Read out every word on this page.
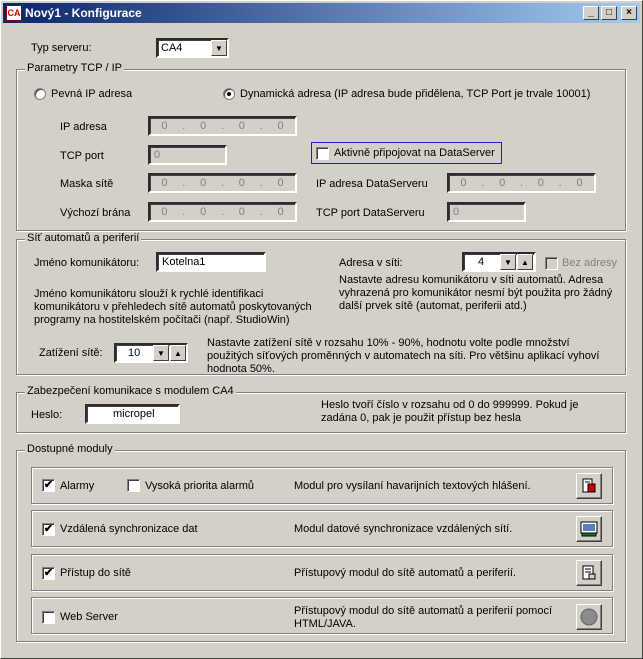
CA Nový1 - Konfigurace	_	□	×
Typ serveru:	CA4	▼
Parametry TCP / IP
Pevná IP adresa	Dynamická adresa (IP adresa bude přidělena, TCP Port je trvale 10001)
IP adresa	0 . 0 . 0 . 0
TCP port	0	Aktivně připojovat na DataServer
Maska sítě	0 . 0 . 0 . 0	IP adresa DataServeru	0 . 0 . 0 . 0
Výchozí brána	0 . 0 . 0 . 0	TCP port DataServeru	0
Síť automatů a periferií
Jméno komunikátoru:	Kotelna1	Adresa v síti:	4	▼ ▲	Bez adresy
Jméno komunikátoru slouží k rychlé identifikaci komunikátoru v přehledech sítě automatů poskytovaných programy na hostitelském počítači (např. StudioWin)
Nastavte adresu komunikátoru v síti automatů. Adresa vyhrazená pro komunikátor nesmí být použita pro žádný další prvek sítě (automat, periferii atd.)
Zatížení sítě:	10	▼ ▲
Nastavte zatížení sítě v rozsahu 10% - 90%, hodnotu volte podle množství použitých síťových proměnných v automatech na síti. Pro většinu aplikací vyhoví hodnota 50%.
Zabezpečení komunikace s modulem CA4
Heslo:	micropel
Heslo tvoří číslo v rozsahu od 0 do 999999. Pokud je zadána 0, pak je použit přístup bez hesla
Dostupné moduly
✔ Alarmy	Vysoká priorita alarmů	Modul pro vysílaní havarijních textových hlášení.
✔ Vzdálená synchronizace dat	Modul datové synchronizace vzdálených sítí.
✔ Přístup do sítě	Přístupový modul do sítě automatů a periferií.
Web Server	Přístupový modul do sítě automatů a periferií pomocí HTML/JAVA.
